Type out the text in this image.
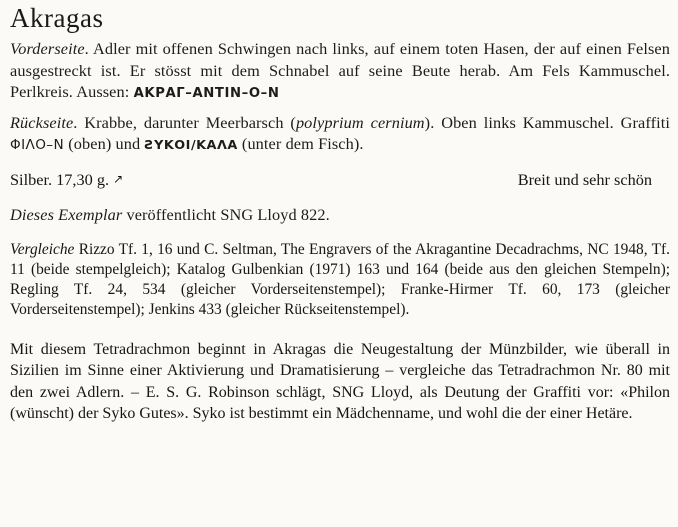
Akragas

Vorderseite. Adler mit offenen Schwingen nach links, auf einem toten Hasen, der auf einen Felsen ausgestreckt ist. Er stösst mit dem Schnabel auf seine Beute herab. Am Fels Kammuschel. Perlkreis. Aussen: ΑΚΡΑΓ–ΑΝΤΙΝ–Ο–Ν

Rückseite. Krabbe, darunter Meerbarsch (polyprium cernium). Oben links Kammuschel. Graffiti ΦΙΛΟ–Ν (oben) und ƧΥΚΟΙ/ΚΑΛΑ (unter dem Fisch).

Silber. 17,30 g. ↗	Breit und sehr schön

Dieses Exemplar veröffentlicht SNG Lloyd 822.

Vergleiche Rizzo Tf. 1, 16 und C. Seltman, The Engravers of the Akragantine Decadrachms, NC 1948, Tf. 11 (beide stempelgleich); Katalog Gulbenkian (1971) 163 und 164 (beide aus den gleichen Stempeln); Regling Tf. 24, 534 (gleicher Vorderseitenstempel); Franke-Hirmer Tf. 60, 173 (gleicher Vorderseitenstempel); Jenkins 433 (gleicher Rückseitenstempel).

Mit diesem Tetradrachmon beginnt in Akragas die Neugestaltung der Münzbilder, wie überall in Sizilien im Sinne einer Aktivierung und Dramatisierung – vergleiche das Tetradrachmon Nr. 80 mit den zwei Adlern. – E. S. G. Robinson schlägt, SNG Lloyd, als Deutung der Graffiti vor: «Philon (wünscht) der Syko Gutes». Syko ist bestimmt ein Mädchenname, und wohl die der einer Hetäre.
